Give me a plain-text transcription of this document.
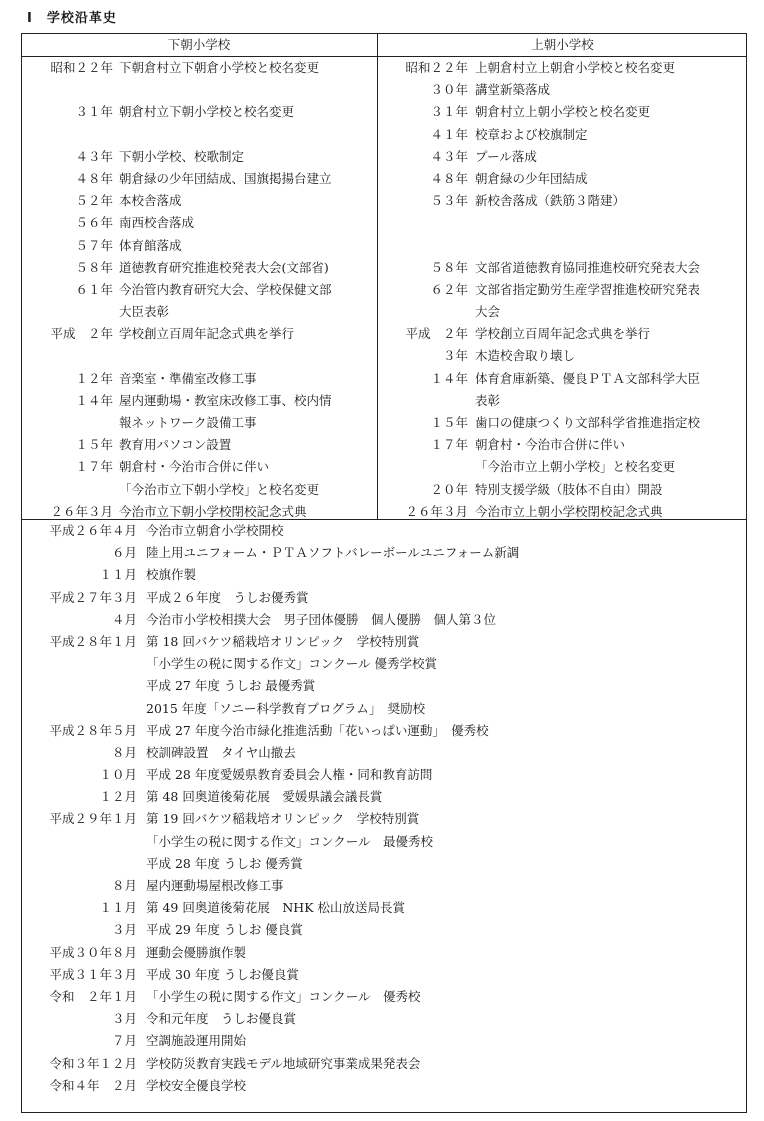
Ⅰ　学校沿革史
下朝小学校	上朝小学校
昭和２２年 下朝倉村立下朝倉小学校と校名変更
３１年 朝倉村立下朝小学校と校名変更
４３年 下朝小学校、校歌制定
４８年 朝倉緑の少年団結成、国旗掲揚台建立
５２年 本校舎落成
５６年 南西校舎落成
５７年 体育館落成
５８年 道徳教育研究推進校発表大会(文部省)
６１年 今治管内教育研究大会、学校保健文部
大臣表彰
平成　２年 学校創立百周年記念式典を挙行
１２年 音楽室・準備室改修工事
１４年 屋内運動場・教室床改修工事、校内情
報ネットワーク設備工事
１５年 教育用パソコン設置
１７年 朝倉村・今治市合併に伴い
「今治市立下朝小学校」と校名変更
２６年３月 今治市立下朝小学校閉校記念式典
昭和２２年 上朝倉村立上朝倉小学校と校名変更
３０年 講堂新築落成
３１年 朝倉村立上朝小学校と校名変更
４１年 校章および校旗制定
４３年 プール落成
４８年 朝倉緑の少年団結成
５３年 新校舎落成（鉄筋３階建）
５８年 文部省道徳教育協同推進校研究発表大会
６２年 文部省指定勤労生産学習推進校研究発表
大会
平成　２年 学校創立百周年記念式典を挙行
３年 木造校舎取り壊し
１４年 体育倉庫新築、優良ＰＴＡ文部科学大臣
表彰
１５年 歯口の健康つくり文部科学省推進指定校
１７年 朝倉村・今治市合併に伴い
「今治市立上朝小学校」と校名変更
２０年 特別支援学級（肢体不自由）開設
２６年３月 今治市立上朝小学校閉校記念式典
平成２６年４月 今治市立朝倉小学校開校
６月 陸上用ユニフォーム・ＰＴＡソフトバレーボールユニフォーム新調
１１月 校旗作製
平成２７年３月 平成２６年度　うしお優秀賞
４月 今治市小学校相撲大会　男子団体優勝　個人優勝　個人第３位
平成２８年１月 第 18 回バケツ稲栽培オリンピック　学校特別賞
「小学生の税に関する作文」コンクール 優秀学校賞
平成 27 年度 うしお 最優秀賞
2015 年度「ソニー科学教育プログラム」　奨励校
平成２８年５月 平成 27 年度今治市緑化推進活動「花いっぱい運動」　優秀校
８月 校訓碑設置　タイヤ山撤去
１０月 平成 28 年度愛媛県教育委員会人権・同和教育訪問
１２月 第 48 回奥道後菊花展　愛媛県議会議長賞
平成２９年１月 第 19 回バケツ稲栽培オリンピック　学校特別賞
「小学生の税に関する作文」コンクール　最優秀校
平成 28 年度 うしお 優秀賞
８月 屋内運動場屋根改修工事
１１月 第 49 回奥道後菊花展　NHK 松山放送局長賞
３月 平成 29 年度 うしお 優良賞
平成３０年８月 運動会優勝旗作製
平成３１年３月 平成 30 年度 うしお優良賞
令和　２年１月 「小学生の税に関する作文」コンクール　優秀校
３月 令和元年度　うしお優良賞
７月 空調施設運用開始
令和３年１２月 学校防災教育実践モデル地域研究事業成果発表会
令和４年　２月 学校安全優良学校
